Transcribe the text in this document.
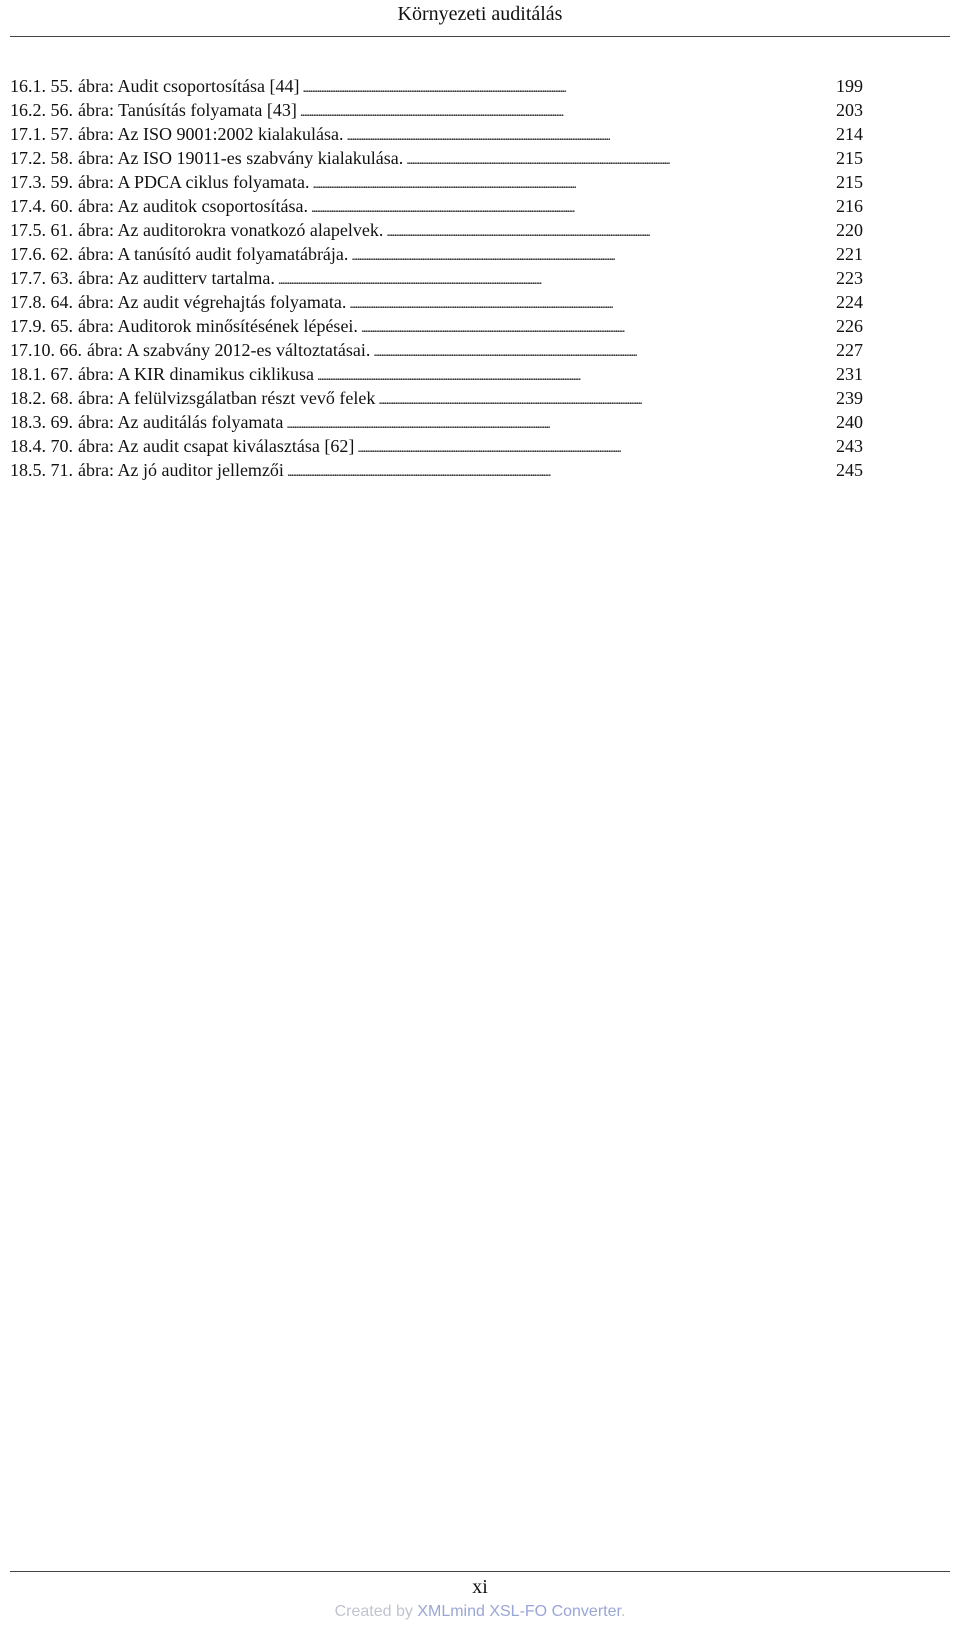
Környezeti auditálás
16.1. 55. ábra: Audit csoportosítása [44] . . .	199
16.2. 56. ábra: Tanúsítás folyamata [43] . . .	203
17.1. 57. ábra: Az ISO 9001:2002 kialakulása. . . .	214
17.2. 58. ábra: Az ISO 19011-es szabvány kialakulása. . . .	215
17.3. 59. ábra: A PDCA ciklus folyamata. . . .	215
17.4. 60. ábra: Az auditok csoportosítása. . . .	216
17.5. 61. ábra: Az auditorokra vonatkozó alapelvek. . . .	220
17.6. 62. ábra: A tanúsító audit folyamatábrája. . . .	221
17.7. 63. ábra: Az auditterv tartalma. . . .	223
17.8. 64. ábra: Az audit végrehajtás folyamata. . . .	224
17.9. 65. ábra: Auditorok minősítésének lépései. . . .	226
17.10. 66. ábra: A szabvány 2012-es változtatásai. . . .	227
18.1. 67. ábra: A KIR dinamikus ciklikusa . . .	231
18.2. 68. ábra: A felülvizsgálatban részt vevő felek . . .	239
18.3. 69. ábra: Az auditálás folyamata . . .	240
18.4. 70. ábra: Az audit csapat kiválasztása [62] . . .	243
18.5. 71. ábra: Az jó auditor jellemzői . . .	245
xi
Created by XMLmind XSL-FO Converter.
